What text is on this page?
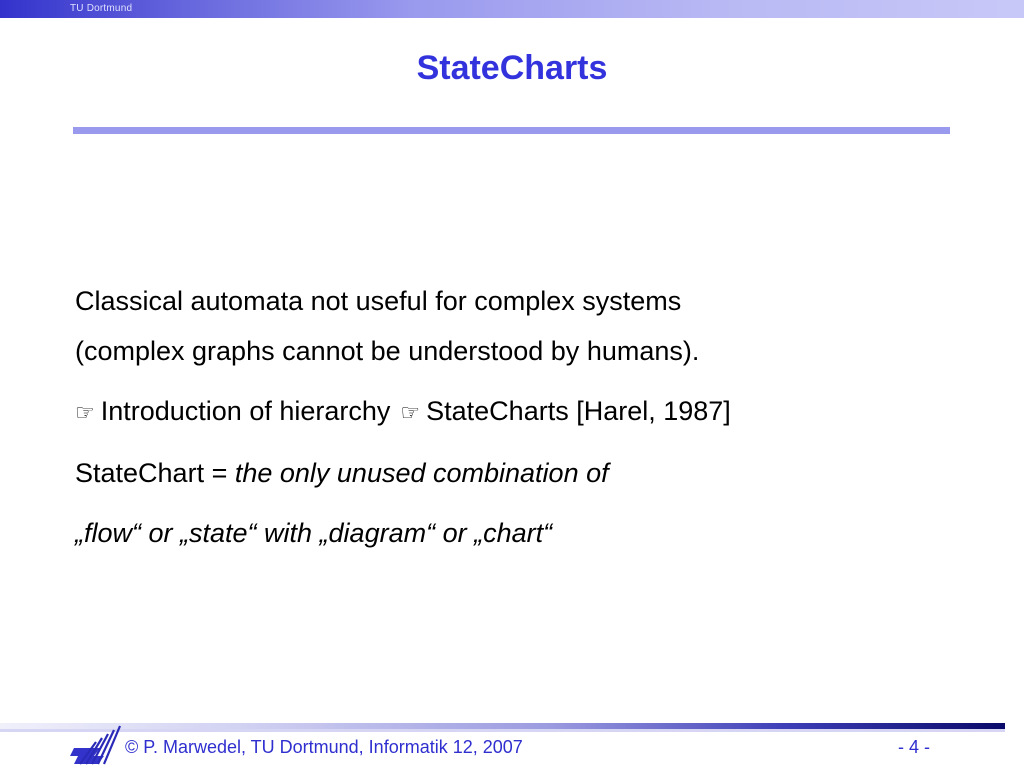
TU Dortmund
StateCharts
Classical automata not useful for complex systems
(complex graphs cannot be understood by humans).
☞ Introduction of hierarchy ☞ StateCharts [Harel, 1987]
StateChart = the only unused combination of
„flow“ or „state“ with „diagram“ or „chart“
© P. Marwedel, TU Dortmund, Informatik 12, 2007	- 4 -
